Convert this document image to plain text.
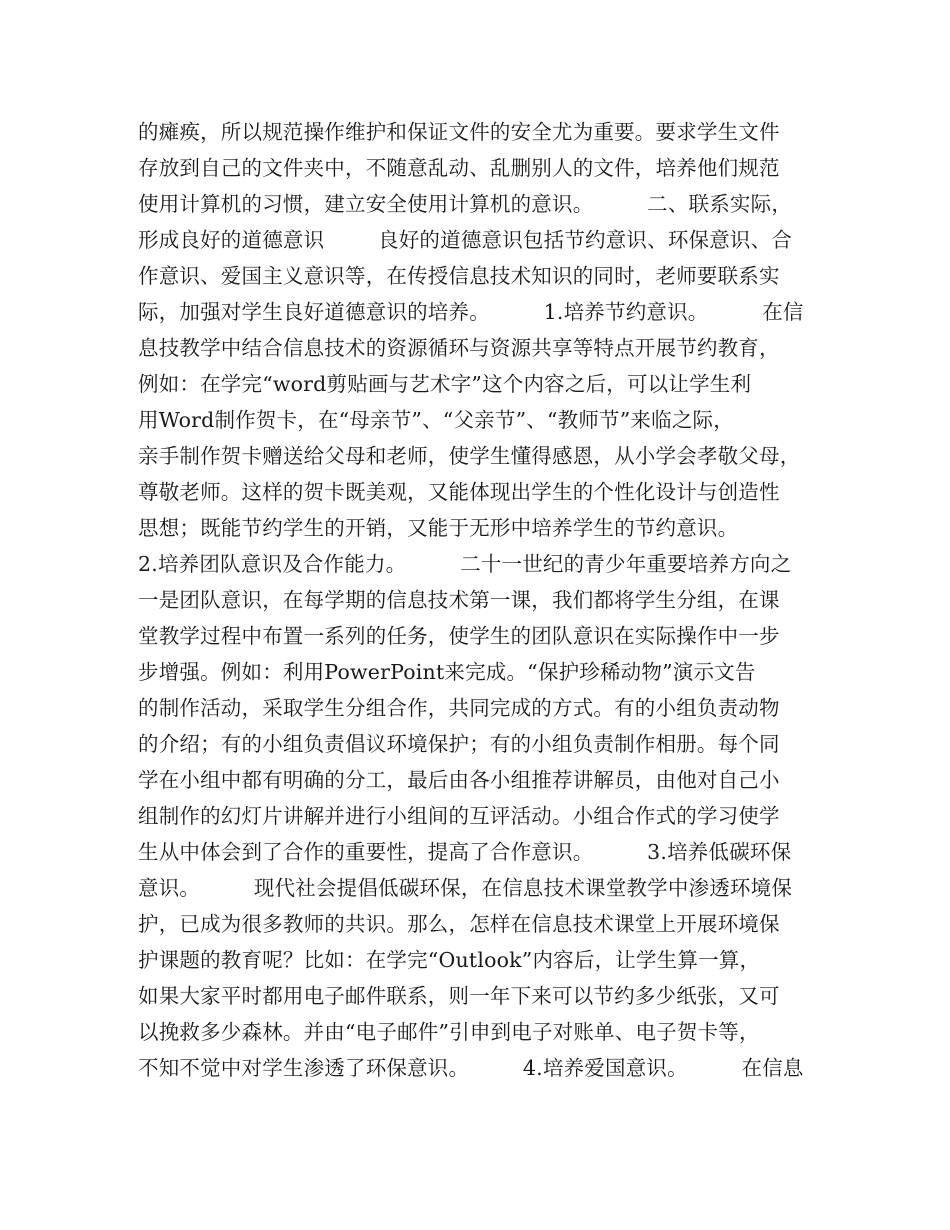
的瘫痪，所以规范操作维护和保证文件的安全尤为重要。要求学生文件
存放到自己的文件夹中，不随意乱动、乱删别人的文件，培养他们规范
使用计算机的习惯，建立安全使用计算机的意识。        二、联系实际，
形成良好的道德意识        良好的道德意识包括节约意识、环保意识、合
作意识、爱国主义意识等，在传授信息技术知识的同时，老师要联系实
际，加强对学生良好道德意识的培养。        1.培养节约意识。        在信
息技教学中结合信息技术的资源循环与资源共享等特点开展节约教育，
例如：在学完“word剪贴画与艺术字”这个内容之后，可以让学生利
用Word制作贺卡，在“母亲节”、“父亲节”、“教师节”来临之际，
亲手制作贺卡赠送给父母和老师，使学生懂得感恩，从小学会孝敬父母，
尊敬老师。这样的贺卡既美观，又能体现出学生的个性化设计与创造性
思想；既能节约学生的开销，又能于无形中培养学生的节约意识。
2.培养团队意识及合作能力。        二十一世纪的青少年重要培养方向之
一是团队意识，在每学期的信息技术第一课，我们都将学生分组，在课
堂教学过程中布置一系列的任务，使学生的团队意识在实际操作中一步
步增强。例如：利用PowerPoint来完成。“保护珍稀动物”演示文告
的制作活动，采取学生分组合作，共同完成的方式。有的小组负责动物
的介绍；有的小组负责倡议环境保护；有的小组负责制作相册。每个同
学在小组中都有明确的分工，最后由各小组推荐讲解员，由他对自己小
组制作的幻灯片讲解并进行小组间的互评活动。小组合作式的学习使学
生从中体会到了合作的重要性，提高了合作意识。        3.培养低碳环保
意识。        现代社会提倡低碳环保，在信息技术课堂教学中渗透环境保
护，已成为很多教师的共识。那么，怎样在信息技术课堂上开展环境保
护课题的教育呢？比如：在学完“Outlook”内容后，让学生算一算，
如果大家平时都用电子邮件联系，则一年下来可以节约多少纸张，又可
以挽救多少森林。并由“电子邮件”引申到电子对账单、电子贺卡等，
不知不觉中对学生渗透了环保意识。        4.培养爱国意识。        在信息
